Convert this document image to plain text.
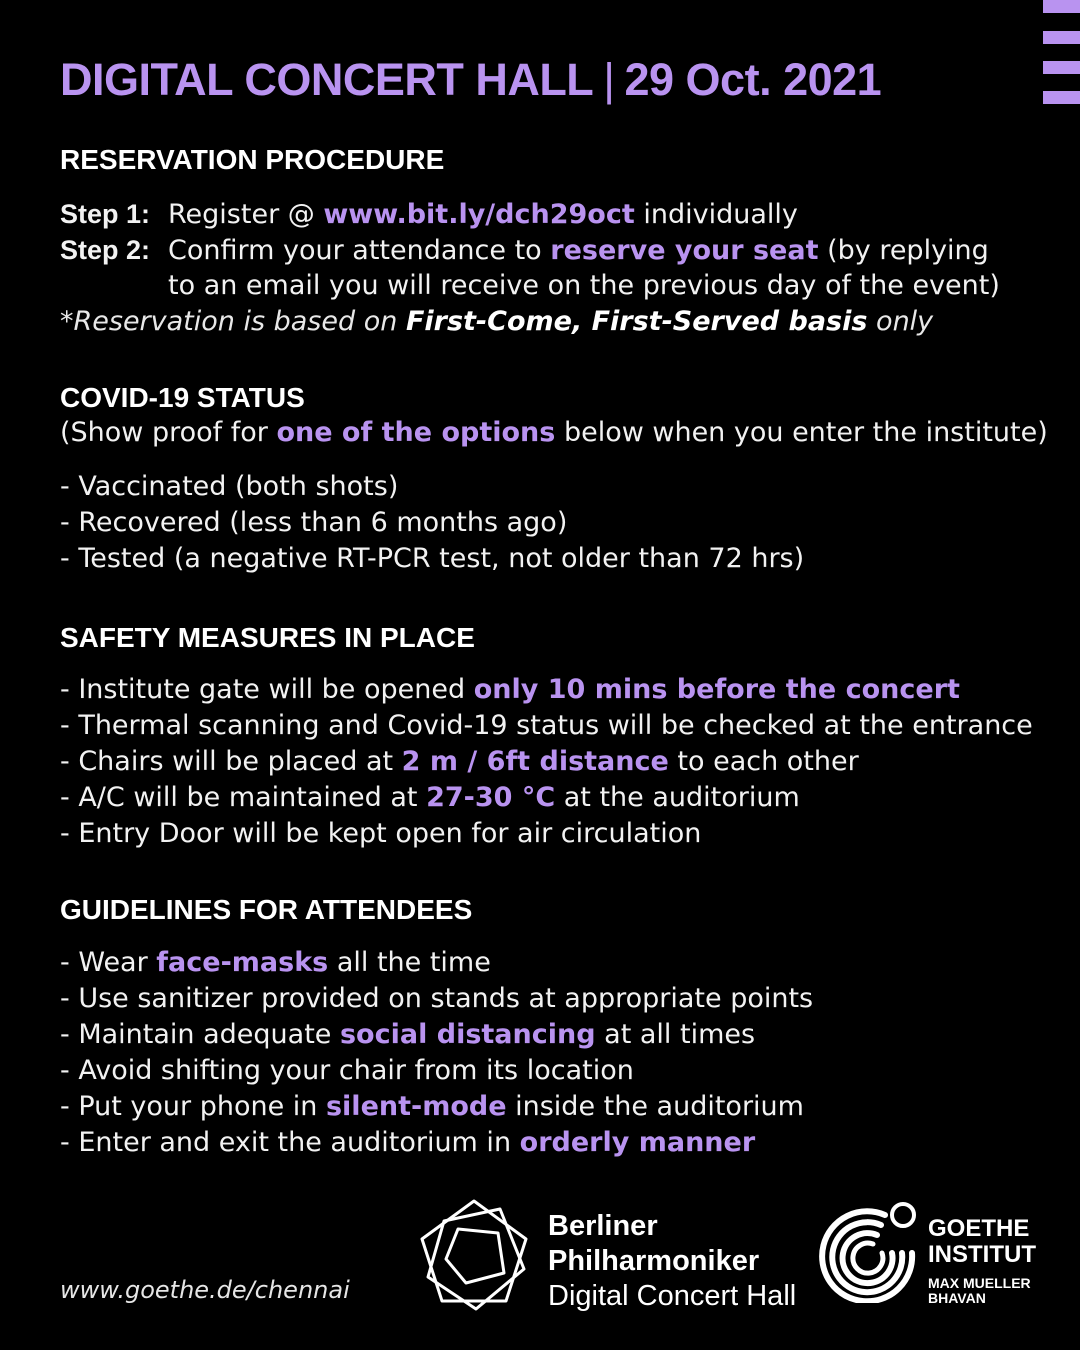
DIGITAL CONCERT HALL | 29 Oct. 2021
RESERVATION PROCEDURE
Step 1: Register @ www.bit.ly/dch29oct individually
Step 2: Confirm your attendance to reserve your seat (by replying
to an email you will receive on the previous day of the event)
*Reservation is based on First-Come, First-Served basis only
COVID-19 STATUS
(Show proof for one of the options below when you enter the institute)
- Vaccinated (both shots)
- Recovered (less than 6 months ago)
- Tested (a negative RT-PCR test, not older than 72 hrs)
SAFETY MEASURES IN PLACE
- Institute gate will be opened only 10 mins before the concert
- Thermal scanning and Covid-19 status will be checked at the entrance
- Chairs will be placed at 2 m / 6ft distance to each other
- A/C will be maintained at 27-30 °C at the auditorium
- Entry Door will be kept open for air circulation
GUIDELINES FOR ATTENDEES
- Wear face-masks all the time
- Use sanitizer provided on stands at appropriate points
- Maintain adequate social distancing at all times
- Avoid shifting your chair from its location
- Put your phone in silent-mode inside the auditorium
- Enter and exit the auditorium in orderly manner
www.goethe.de/chennai
Berliner
Philharmoniker
Digital Concert Hall
GOETHE
INSTITUT
MAX MUELLER
BHAVAN
